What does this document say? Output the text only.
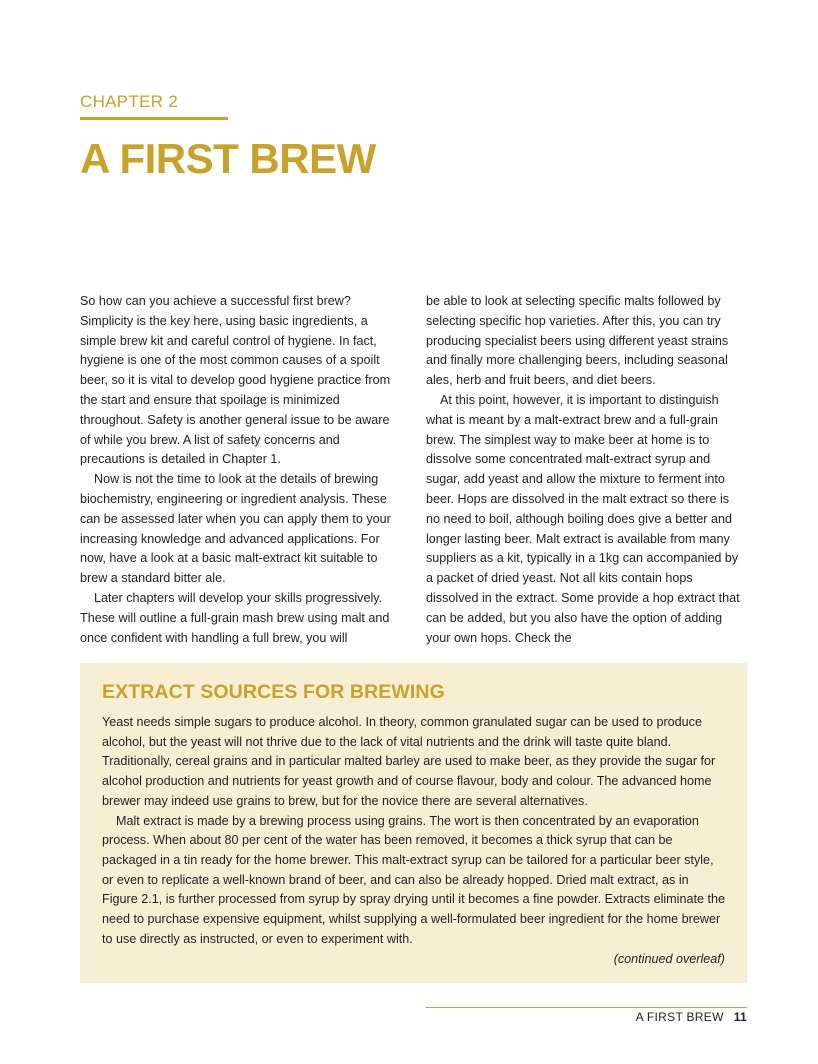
CHAPTER 2
A FIRST BREW

So how can you achieve a successful first brew? Simplicity is the key here, using basic ingredients, a simple brew kit and careful control of hygiene. In fact, hygiene is one of the most common causes of a spoilt beer, so it is vital to develop good hygiene practice from the start and ensure that spoilage is minimized throughout. Safety is another general issue to be aware of while you brew. A list of safety concerns and precautions is detailed in Chapter 1.

Now is not the time to look at the details of brewing biochemistry, engineering or ingredient analysis. These can be assessed later when you can apply them to your increasing knowledge and advanced applications. For now, have a look at a basic malt-extract kit suitable to brew a standard bitter ale.

Later chapters will develop your skills progressively. These will outline a full-grain mash brew using malt and once confident with handling a full brew, you will

be able to look at selecting specific malts followed by selecting specific hop varieties. After this, you can try producing specialist beers using different yeast strains and finally more challenging beers, including seasonal ales, herb and fruit beers, and diet beers.

At this point, however, it is important to distinguish what is meant by a malt-extract brew and a full-grain brew. The simplest way to make beer at home is to dissolve some concentrated malt-extract syrup and sugar, add yeast and allow the mixture to ferment into beer. Hops are dissolved in the malt extract so there is no need to boil, although boiling does give a better and longer lasting beer. Malt extract is available from many suppliers as a kit, typically in a 1kg can accompanied by a packet of dried yeast. Not all kits contain hops dissolved in the extract. Some provide a hop extract that can be added, but you also have the option of adding your own hops. Check the

EXTRACT SOURCES FOR BREWING

Yeast needs simple sugars to produce alcohol. In theory, common granulated sugar can be used to produce alcohol, but the yeast will not thrive due to the lack of vital nutrients and the drink will taste quite bland. Traditionally, cereal grains and in particular malted barley are used to make beer, as they provide the sugar for alcohol production and nutrients for yeast growth and of course flavour, body and colour. The advanced home brewer may indeed use grains to brew, but for the novice there are several alternatives.

Malt extract is made by a brewing process using grains. The wort is then concentrated by an evaporation process. When about 80 per cent of the water has been removed, it becomes a thick syrup that can be packaged in a tin ready for the home brewer. This malt-extract syrup can be tailored for a particular beer style, or even to replicate a well-known brand of beer, and can also be already hopped. Dried malt extract, as in Figure 2.1, is further processed from syrup by spray drying until it becomes a fine powder. Extracts eliminate the need to purchase expensive equipment, whilst supplying a well-formulated beer ingredient for the home brewer to use directly as instructed, or even to experiment with.

(continued overleaf)

A FIRST BREW 11
